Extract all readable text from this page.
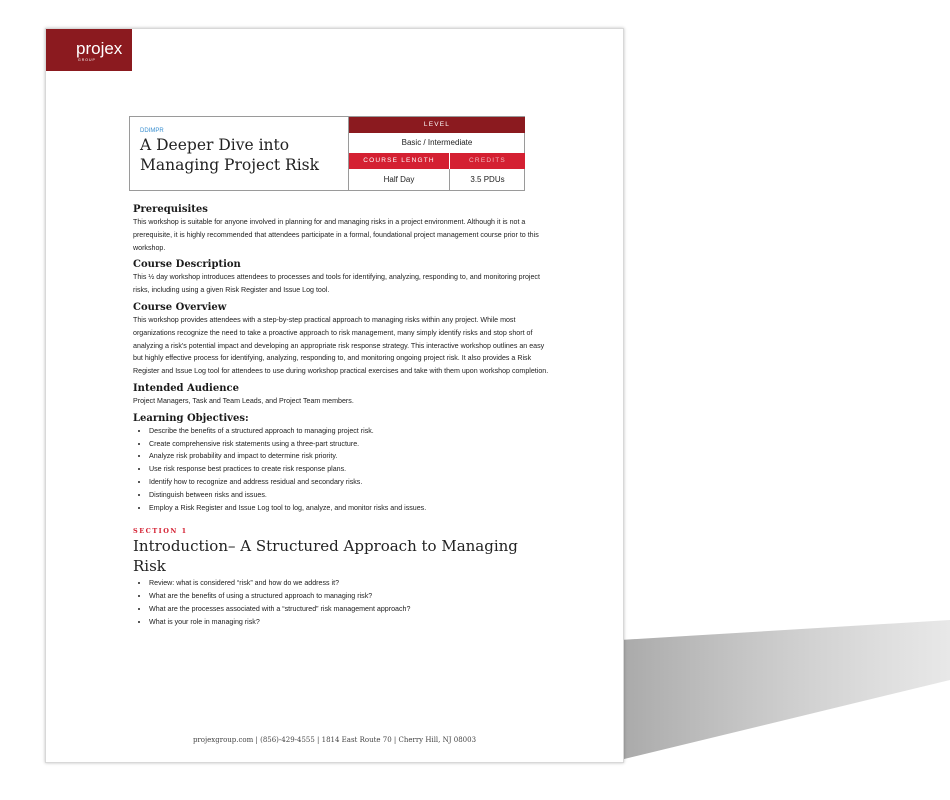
projex
GROUP
DDIMPR
A Deeper Dive into Managing Project Risk
LEVEL
Basic / Intermediate
COURSE LENGTH	CREDITS
Half Day	3.5 PDUs
Prerequisites

This workshop is suitable for anyone involved in planning for and managing risks in a project environment. Although it is not a prerequisite, it is highly recommended that attendees participate in a formal, foundational project management course prior to this workshop.

Course Description

This ½ day workshop introduces attendees to processes and tools for identifying, analyzing, responding to, and monitoring project risks, including using a given Risk Register and Issue Log tool.

Course Overview

This workshop provides attendees with a step-by-step practical approach to managing risks within any project. While most organizations recognize the need to take a proactive approach to risk management, many simply identify risks and stop short of analyzing a risk's potential impact and developing an appropriate risk response strategy. This interactive workshop outlines an easy but highly effective process for identifying, analyzing, responding to, and monitoring ongoing project risk. It also provides a Risk Register and Issue Log tool for attendees to use during workshop practical exercises and take with them upon workshop completion.

Intended Audience

Project Managers, Task and Team Leads, and Project Team members.

Learning Objectives:
• Describe the benefits of a structured approach to managing project risk.
• Create comprehensive risk statements using a three-part structure.
• Analyze risk probability and impact to determine risk priority.
• Use risk response best practices to create risk response plans.
• Identify how to recognize and address residual and secondary risks.
• Distinguish between risks and issues.
• Employ a Risk Register and Issue Log tool to log, analyze, and monitor risks and issues.
SECTION 1
Introduction– A Structured Approach to Managing Risk
• Review: what is considered “risk” and how do we address it?
• What are the benefits of using a structured approach to managing risk?
• What are the processes associated with a “structured” risk management approach?
• What is your role in managing risk?
projexgroup.com | (856)-429-4555 | 1814 East Route 70 | Cherry Hill, NJ 08003
